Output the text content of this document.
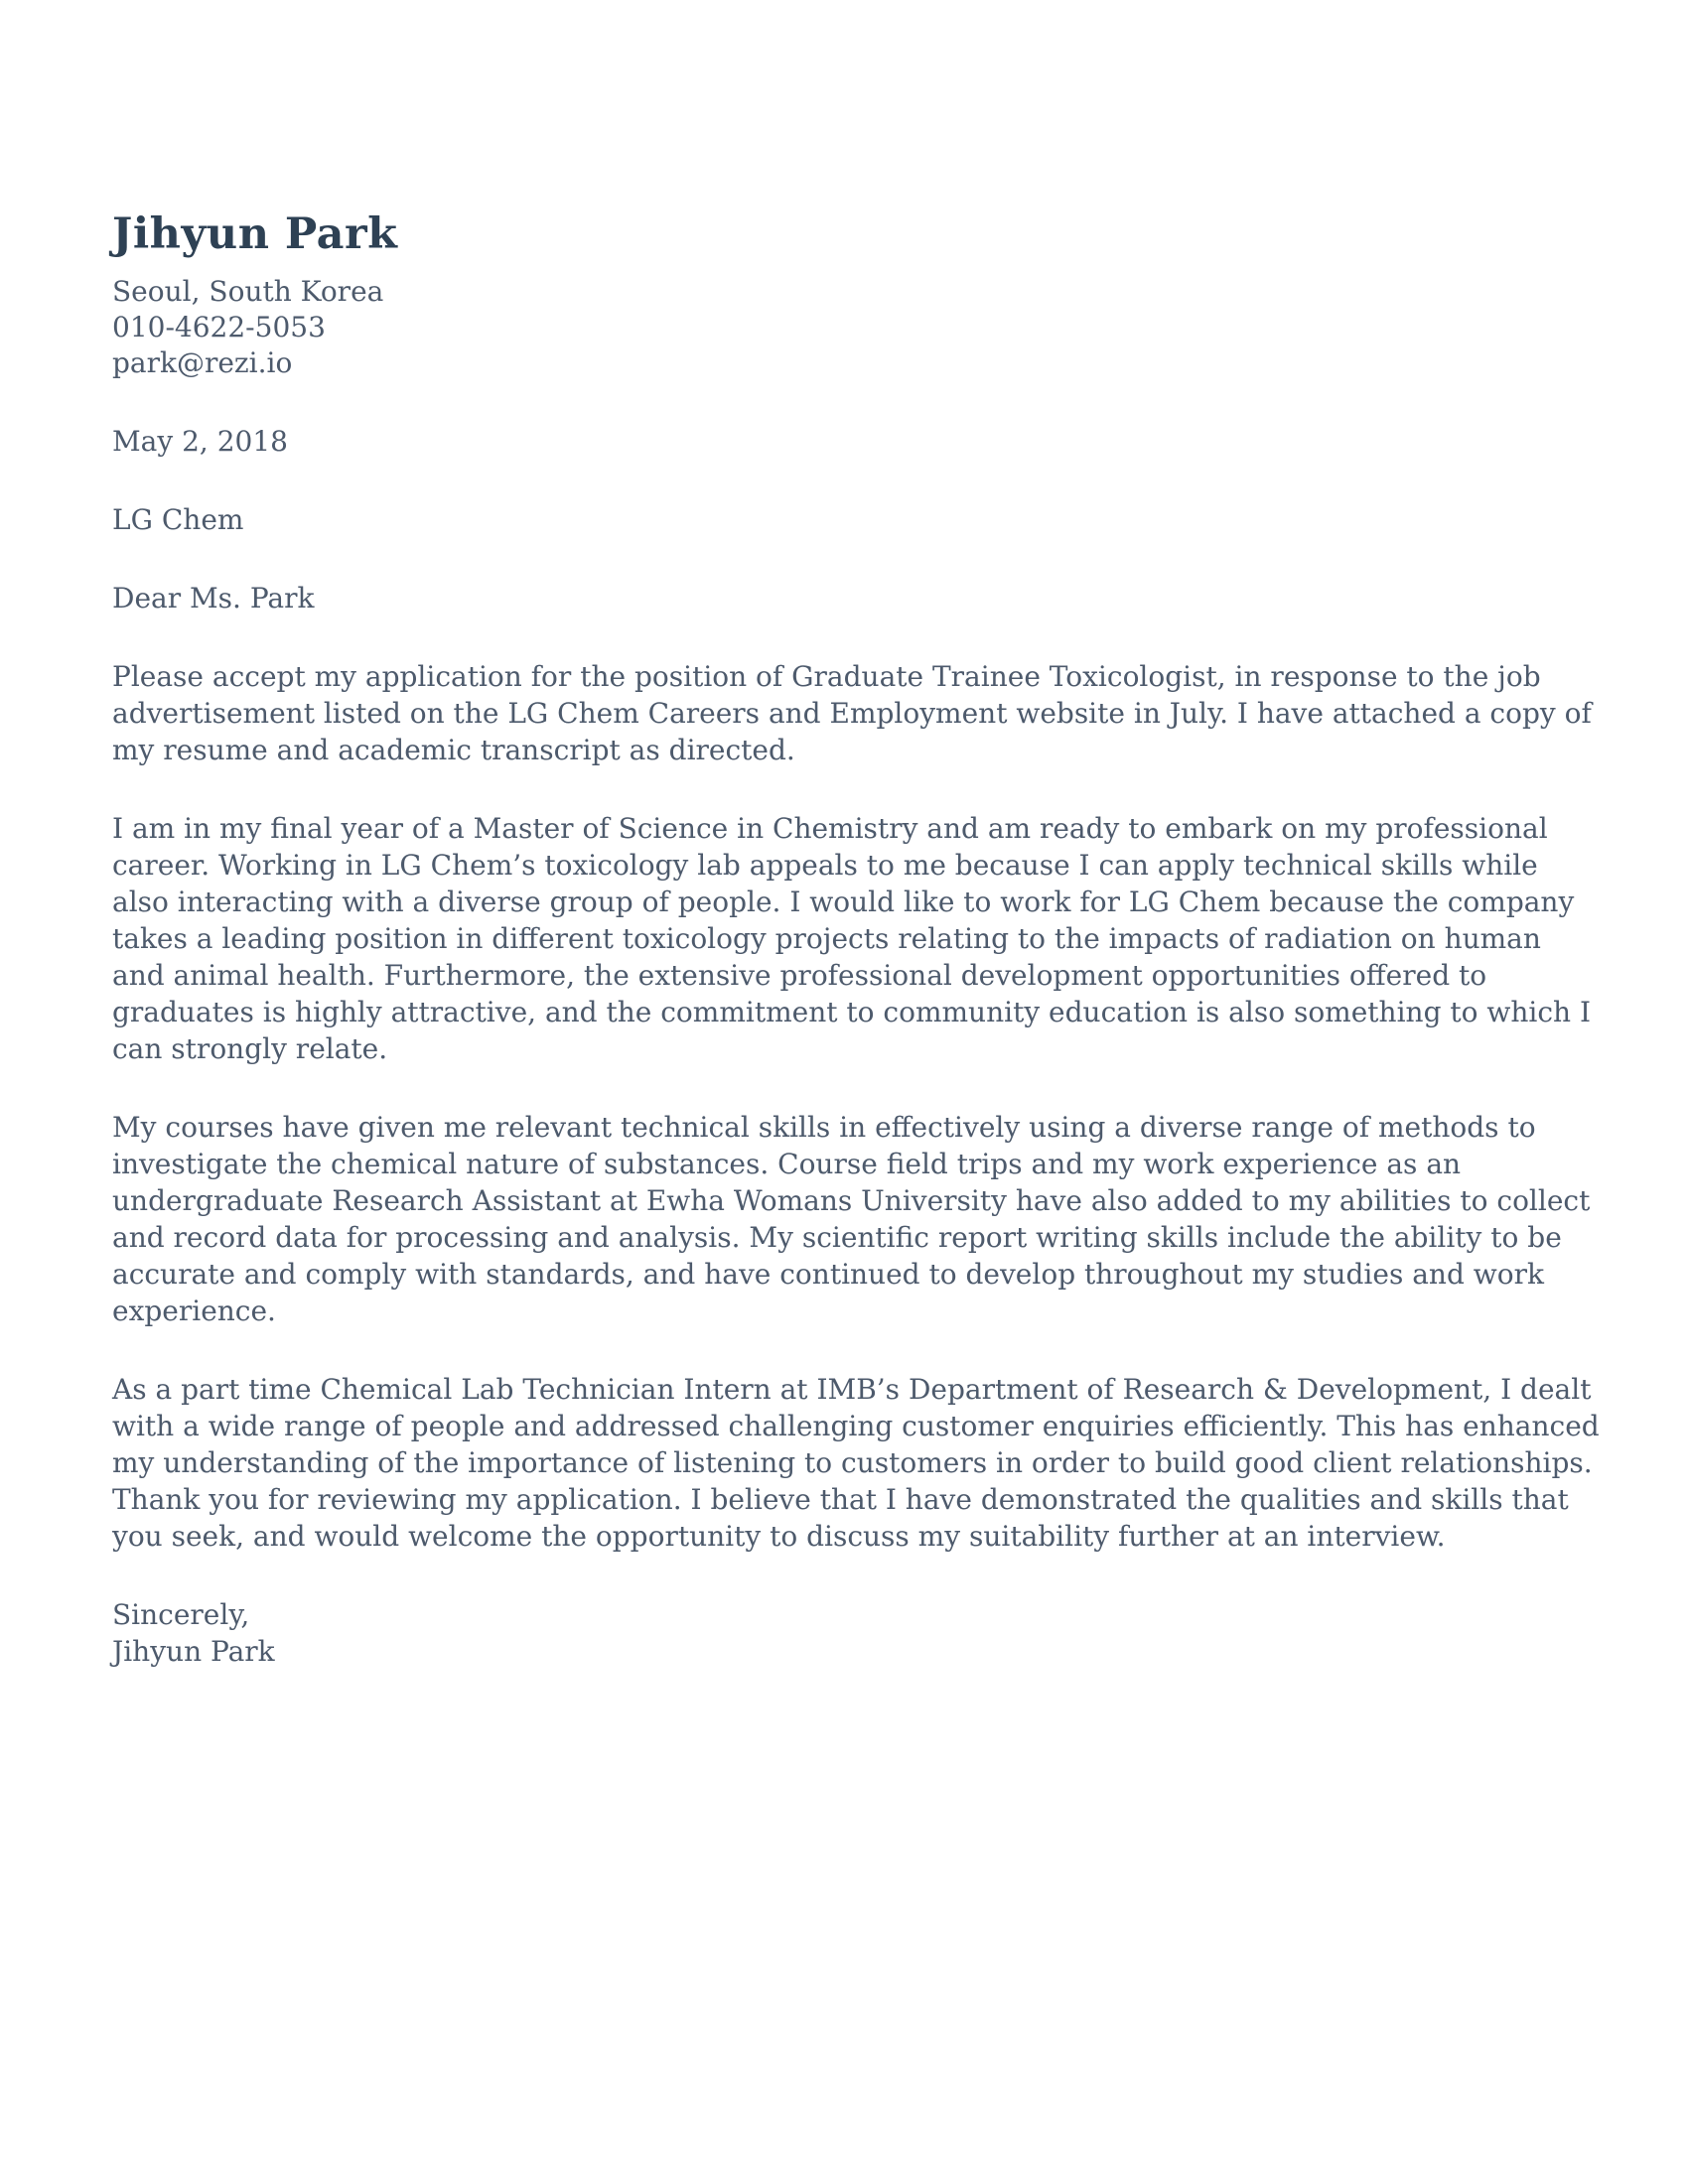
Jihyun Park
Seoul, South Korea
010-4622-5053
park@rezi.io
May 2, 2018
LG Chem
Dear Ms. Park

Please accept my application for the position of Graduate Trainee Toxicologist, in response to the job advertisement listed on the LG Chem Careers and Employment website in July. I have attached a copy of my resume and academic transcript as directed.

I am in my final year of a Master of Science in Chemistry and am ready to embark on my professional career. Working in LG Chem’s toxicology lab appeals to me because I can apply technical skills while also interacting with a diverse group of people. I would like to work for LG Chem because the company takes a leading position in different toxicology projects relating to the impacts of radiation on human and animal health. Furthermore, the extensive professional development opportunities offered to graduates is highly attractive, and the commitment to community education is also something to which I can strongly relate.

My courses have given me relevant technical skills in effectively using a diverse range of methods to investigate the chemical nature of substances. Course field trips and my work experience as an undergraduate Research Assistant at Ewha Womans University have also added to my abilities to collect and record data for processing and analysis. My scientific report writing skills include the ability to be accurate and comply with standards, and have continued to develop throughout my studies and work experience.

As a part time Chemical Lab Technician Intern at IMB’s Department of Research & Development, I dealt with a wide range of people and addressed challenging customer enquiries efficiently. This has enhanced my understanding of the importance of listening to customers in order to build good client relationships.
Thank you for reviewing my application. I believe that I have demonstrated the qualities and skills that you seek, and would welcome the opportunity to discuss my suitability further at an interview.

Sincerely,
Jihyun Park
